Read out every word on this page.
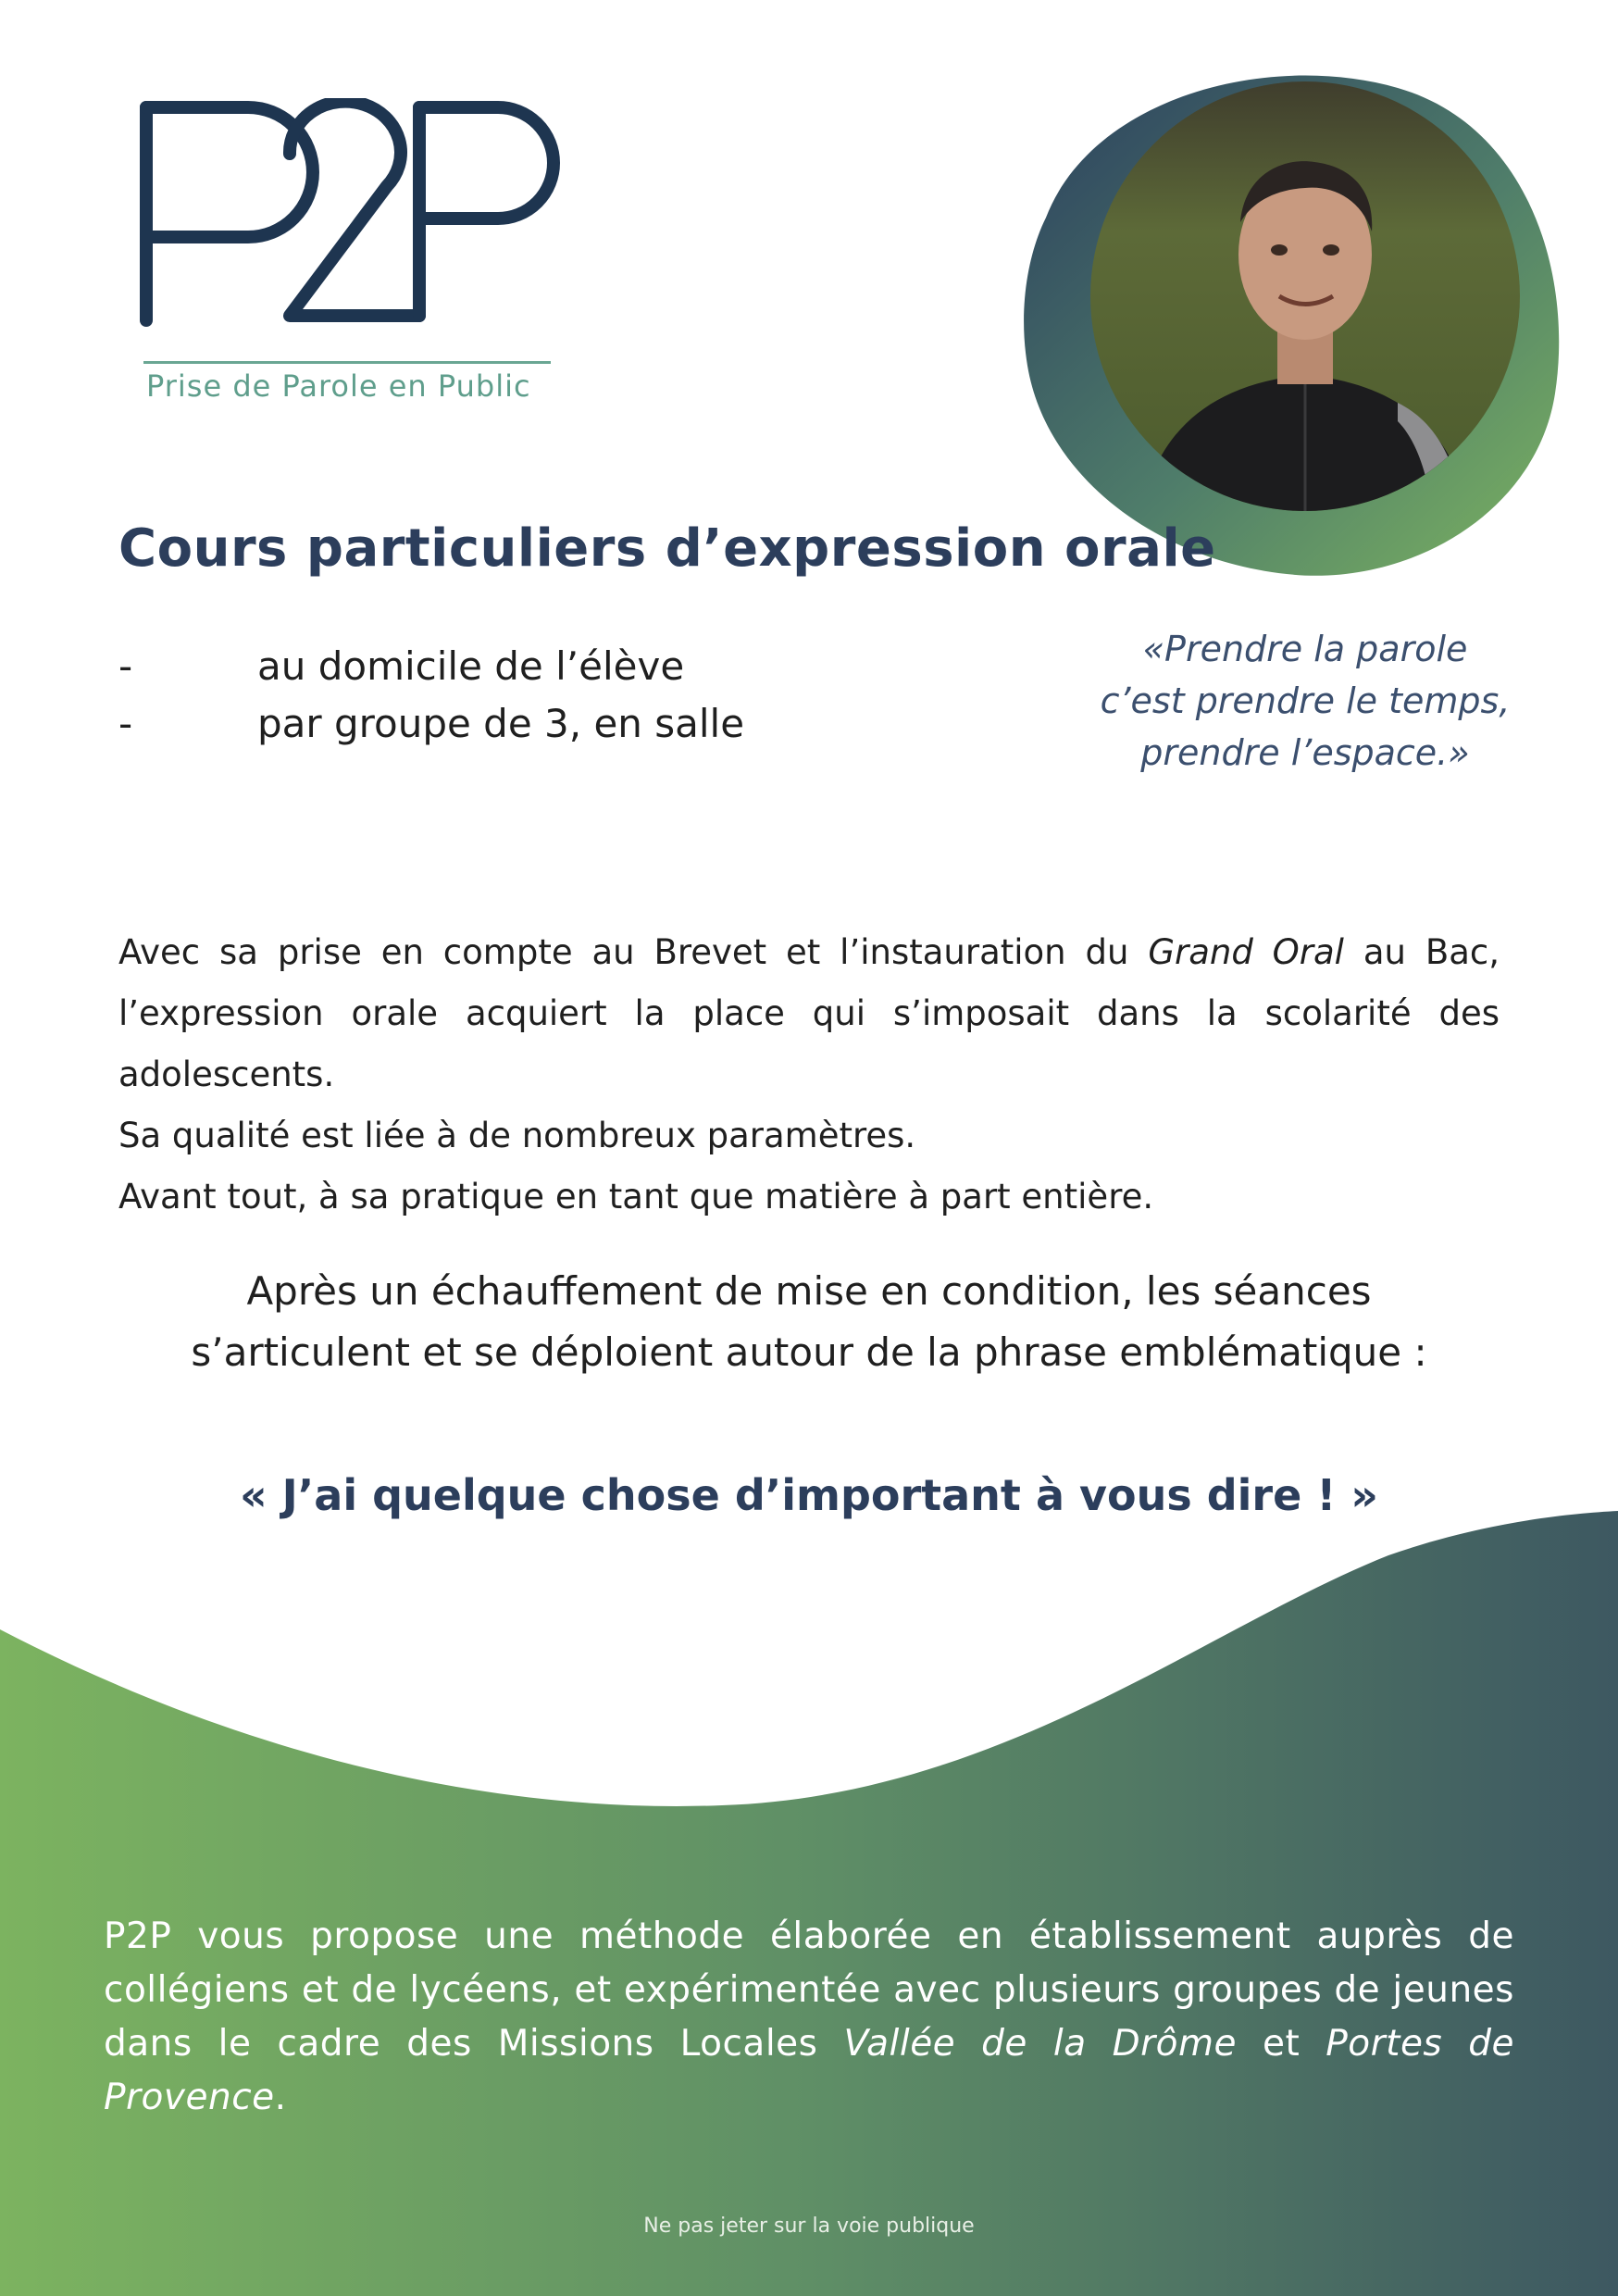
Prise de Parole en Public
Cours particuliers d’expression orale
-	au domicile de l’élève
-	par groupe de 3, en salle
«Prendre la parole
c’est prendre le temps,
prendre l’espace.»

Avec sa prise en compte au Brevet et l’instauration du Grand Oral au Bac,

l’expression orale acquiert la place qui s’imposait dans la scolarité des adolescents.

Sa qualité est liée à de nombreux paramètres.

Avant tout, à sa pratique en tant que matière à part entière.

Après un échauffement de mise en condition, les séances
s’articulent et se déploient autour de la phrase emblématique :
« J’ai quelque chose d’important à vous dire ! »

P2P vous propose une méthode élaborée en établissement auprès de

collégiens et de lycéens, et expérimentée avec plusieurs groupes de jeunes

dans le cadre des Missions Locales Vallée de la Drôme et Portes de Provence.

Ne pas jeter sur la voie publique
